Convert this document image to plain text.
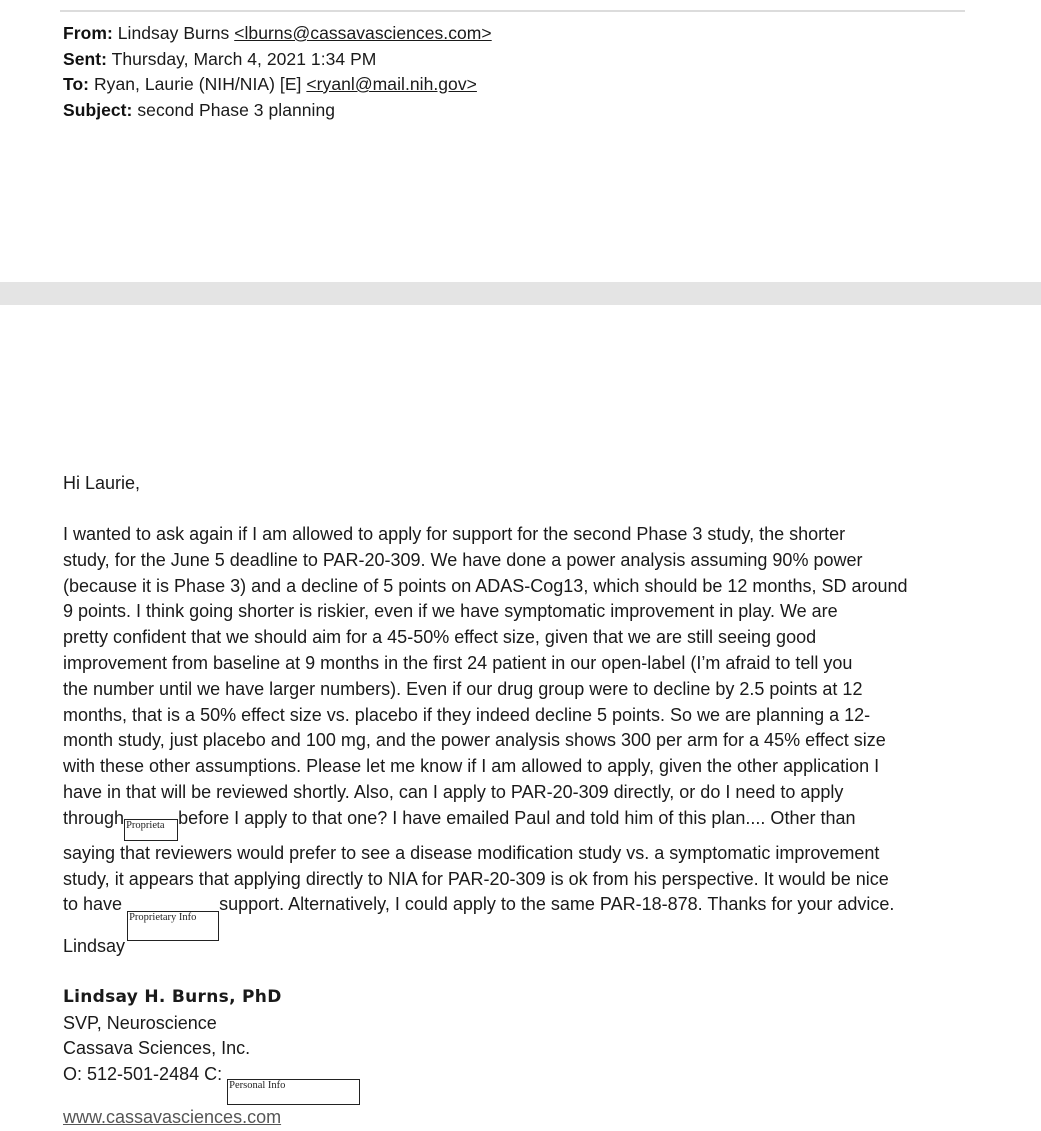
From: Lindsay Burns <lburns@cassavasciences.com>
Sent: Thursday, March 4, 2021 1:34 PM
To: Ryan, Laurie (NIH/NIA) [E] <ryanl@mail.nih.gov>
Subject: second Phase 3 planning
Hi Laurie,
I wanted to ask again if I am allowed to apply for support for the second Phase 3 study, the shorter
study, for the June 5 deadline to PAR-20-309. We have done a power analysis assuming 90% power
(because it is Phase 3) and a decline of 5 points on ADAS-Cog13, which should be 12 months, SD around
9 points. I think going shorter is riskier, even if we have symptomatic improvement in play. We are
pretty confident that we should aim for a 45-50% effect size, given that we are still seeing good
improvement from baseline at 9 months in the first 24 patient in our open-label (I’m afraid to tell you
the number until we have larger numbers). Even if our drug group were to decline by 2.5 points at 12
months, that is a 50% effect size vs. placebo if they indeed decline 5 points. So we are planning a 12-
month study, just placebo and 100 mg, and the power analysis shows 300 per arm for a 45% effect size
with these other assumptions. Please let me know if I am allowed to apply, given the other application I
have in that will be reviewed shortly. Also, can I apply to PAR-20-309 directly, or do I need to apply
through Proprieta before I apply to that one? I have emailed Paul and told him of this plan.... Other than
saying that reviewers would prefer to see a disease modification study vs. a symptomatic improvement
study, it appears that applying directly to NIA for PAR-20-309 is ok from his perspective. It would be nice
to have Proprietary Infosupport. Alternatively, I could apply to the same PAR-18-878. Thanks for your advice.
Lindsay
Lindsay H. Burns, PhD
SVP, Neuroscience
Cassava Sciences, Inc.
O: 512-501-2484 C: Personal Info
www.cassavasciences.com
